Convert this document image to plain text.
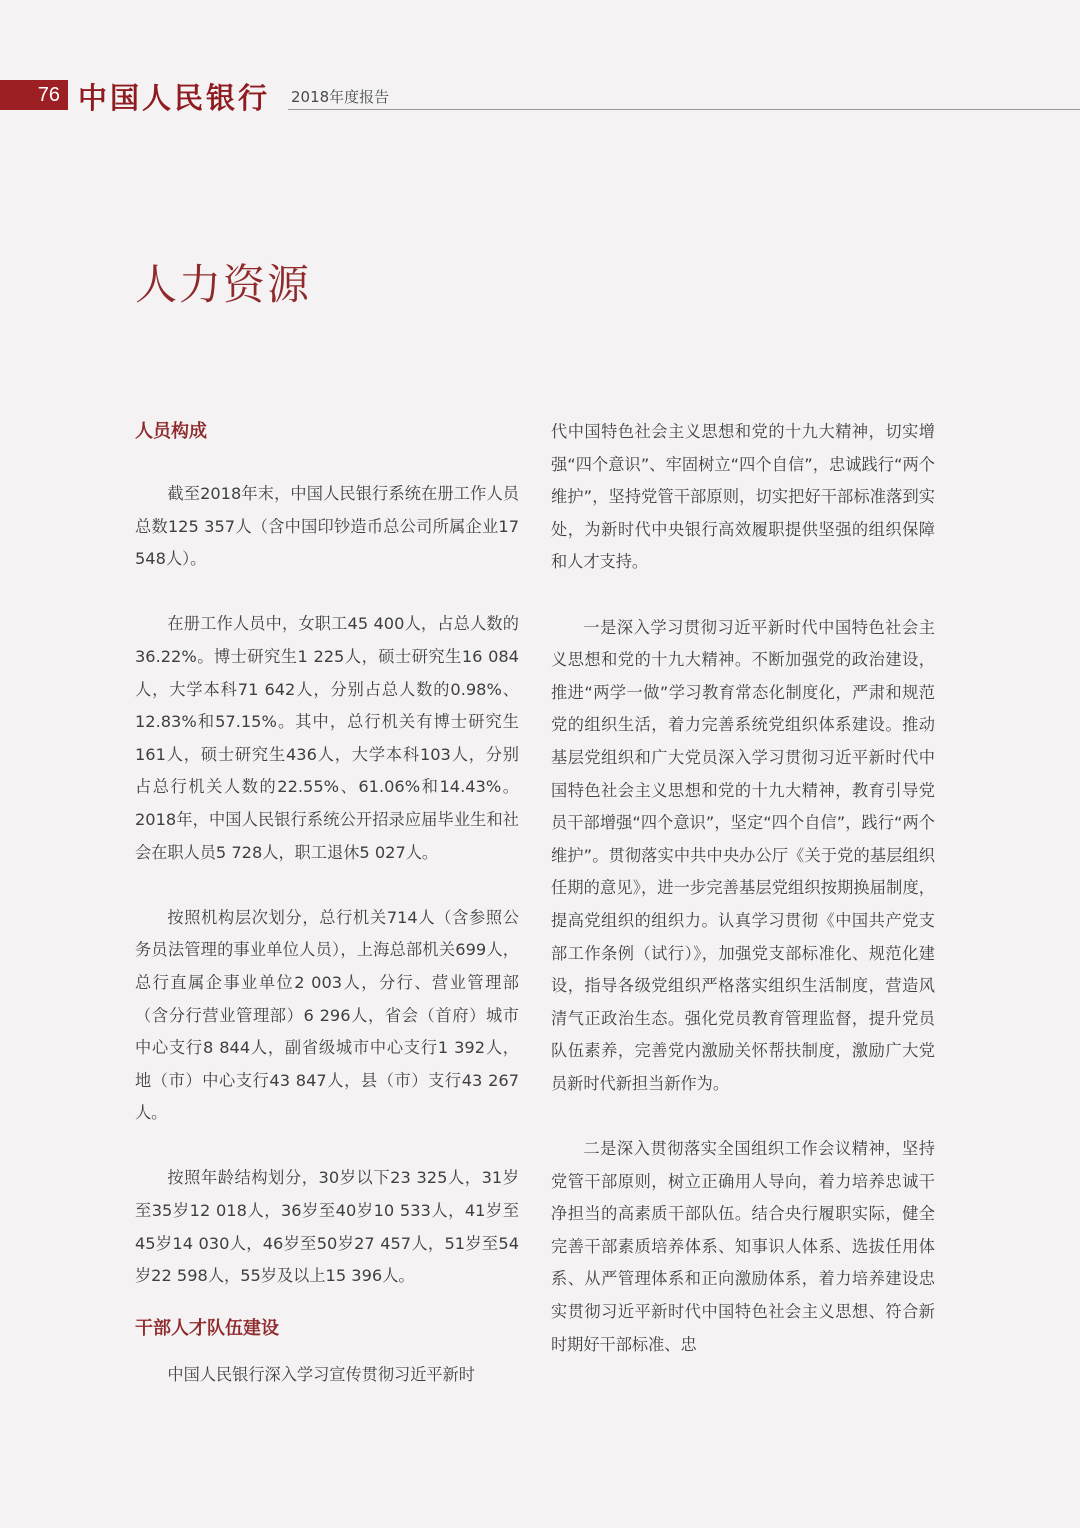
76 中国人民银行 2018年度报告
人力资源
人员构成

截至2018年末，中国人民银行系统在册工作人员总数125 357人（含中国印钞造币总公司所属企业17 548人）。

在册工作人员中，女职工45 400人，占总人数的36.22%。博士研究生1 225人，硕士研究生16 084人，大学本科71 642人，分别占总人数的0.98%、12.83%和57.15%。其中，总行机关有博士研究生161人，硕士研究生436人，大学本科103人，分别占总行机关人数的22.55%、61.06%和14.43%。2018年，中国人民银行系统公开招录应届毕业生和社会在职人员5 728人，职工退休5 027人。

按照机构层次划分，总行机关714人（含参照公务员法管理的事业单位人员），上海总部机关699人，总行直属企事业单位2 003人，分行、营业管理部（含分行营业管理部）6 296人，省会（首府）城市中心支行8 844人，副省级城市中心支行1 392人，地（市）中心支行43 847人，县（市）支行43 267人。

按照年龄结构划分，30岁以下23 325人，31岁至35岁12 018人，36岁至40岁10 533人，41岁至45岁14 030人，46岁至50岁27 457人，51岁至54岁22 598人，55岁及以上15 396人。

干部人才队伍建设

中国人民银行深入学习宣传贯彻习近平新时

代中国特色社会主义思想和党的十九大精神，切实增强“四个意识”、牢固树立“四个自信”，忠诚践行“两个维护”，坚持党管干部原则，切实把好干部标准落到实处，为新时代中央银行高效履职提供坚强的组织保障和人才支持。

一是深入学习贯彻习近平新时代中国特色社会主义思想和党的十九大精神。不断加强党的政治建设，推进“两学一做”学习教育常态化制度化，严肃和规范党的组织生活，着力完善系统党组织体系建设。推动基层党组织和广大党员深入学习贯彻习近平新时代中国特色社会主义思想和党的十九大精神，教育引导党员干部增强“四个意识”，坚定“四个自信”，践行“两个维护”。贯彻落实中共中央办公厅《关于党的基层组织任期的意见》，进一步完善基层党组织按期换届制度，提高党组织的组织力。认真学习贯彻《中国共产党支部工作条例（试行）》，加强党支部标准化、规范化建设，指导各级党组织严格落实组织生活制度，营造风清气正政治生态。强化党员教育管理监督，提升党员队伍素养，完善党内激励关怀帮扶制度，激励广大党员新时代新担当新作为。

二是深入贯彻落实全国组织工作会议精神，坚持党管干部原则，树立正确用人导向，着力培养忠诚干净担当的高素质干部队伍。结合央行履职实际，健全完善干部素质培养体系、知事识人体系、选拔任用体系、从严管理体系和正向激励体系，着力培养建设忠实贯彻习近平新时代中国特色社会主义思想、符合新时期好干部标准、忠
